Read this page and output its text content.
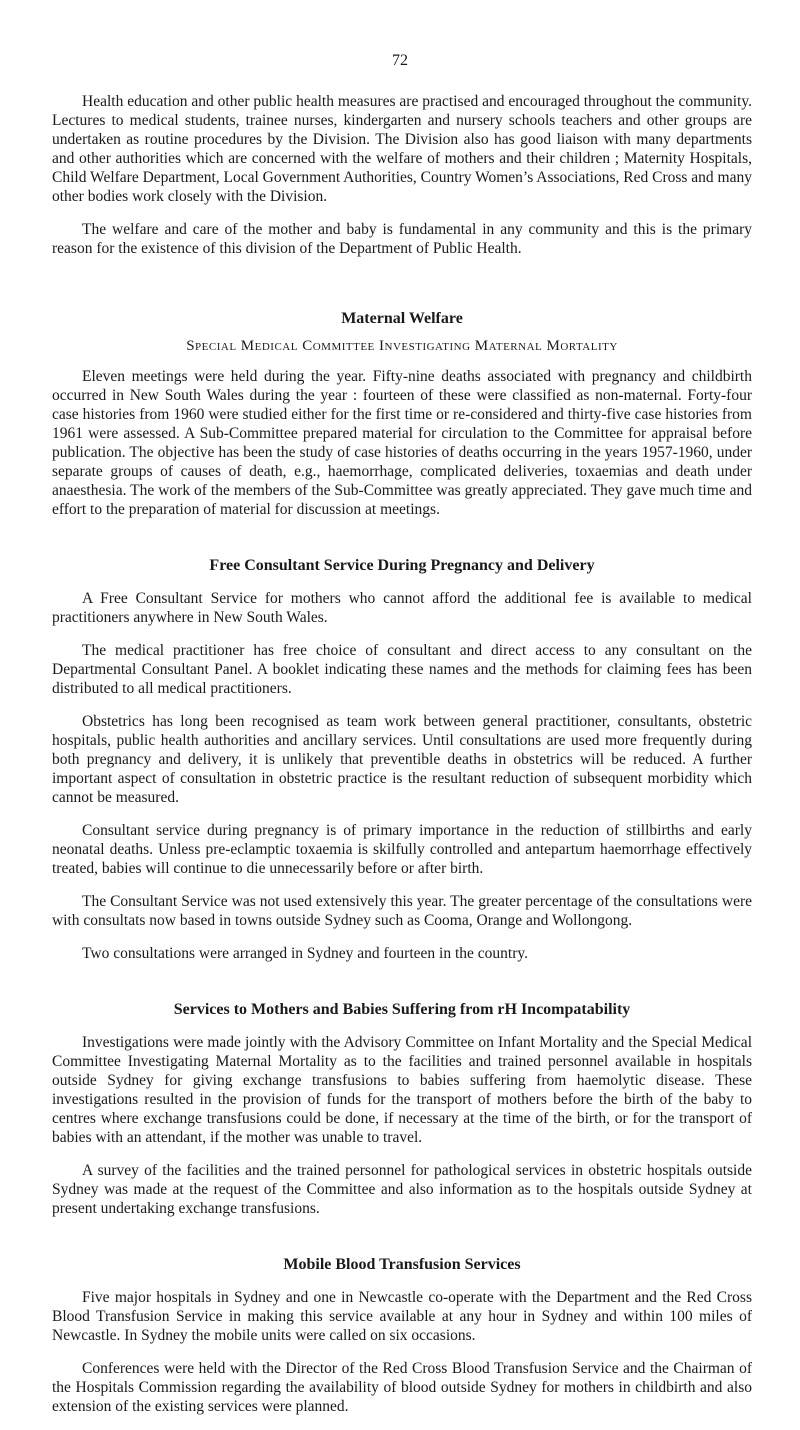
72

Health education and other public health measures are practised and encouraged throughout the community. Lectures to medical students, trainee nurses, kindergarten and nursery schools teachers and other groups are undertaken as routine procedures by the Division. The Division also has good liaison with many departments and other authorities which are concerned with the welfare of mothers and their children ; Maternity Hospitals, Child Welfare Department, Local Government Authorities, Country Women’s Associations, Red Cross and many other bodies work closely with the Division.

The welfare and care of the mother and baby is fundamental in any community and this is the primary reason for the existence of this division of the Department of Public Health.

Maternal Welfare
Special Medical Committee Investigating Maternal Mortality

Eleven meetings were held during the year. Fifty-nine deaths associated with pregnancy and childbirth occurred in New South Wales during the year : fourteen of these were classified as non-maternal. Forty-four case histories from 1960 were studied either for the first time or re-considered and thirty-five case histories from 1961 were assessed. A Sub-Committee prepared material for circulation to the Committee for appraisal before publication. The objective has been the study of case histories of deaths occurring in the years 1957-1960, under separate groups of causes of death, e.g., haemorrhage, complicated deliveries, toxaemias and death under anaesthesia. The work of the members of the Sub-Committee was greatly appreciated. They gave much time and effort to the preparation of material for discussion at meetings.

Free Consultant Service During Pregnancy and Delivery

A Free Consultant Service for mothers who cannot afford the additional fee is available to medical practitioners anywhere in New South Wales.

The medical practitioner has free choice of consultant and direct access to any consultant on the Departmental Consultant Panel. A booklet indicating these names and the methods for claiming fees has been distributed to all medical practitioners.

Obstetrics has long been recognised as team work between general practitioner, consultants, obstetric hospitals, public health authorities and ancillary services. Until consultations are used more frequently during both pregnancy and delivery, it is unlikely that preventible deaths in obstetrics will be reduced. A further important aspect of consultation in obstetric practice is the resultant reduction of subsequent morbidity which cannot be measured.

Consultant service during pregnancy is of primary importance in the reduction of stillbirths and early neonatal deaths. Unless pre-eclamptic toxaemia is skilfully controlled and antepartum haemorrhage effectively treated, babies will continue to die unnecessarily before or after birth.

The Consultant Service was not used extensively this year. The greater percentage of the consultations were with consultats now based in towns outside Sydney such as Cooma, Orange and Wollongong.

Two consultations were arranged in Sydney and fourteen in the country.

Services to Mothers and Babies Suffering from rH Incompatability

Investigations were made jointly with the Advisory Committee on Infant Mortality and the Special Medical Committee Investigating Maternal Mortality as to the facilities and trained personnel available in hospitals outside Sydney for giving exchange transfusions to babies suffering from haemolytic disease. These investigations resulted in the provision of funds for the transport of mothers before the birth of the baby to centres where exchange transfusions could be done, if necessary at the time of the birth, or for the transport of babies with an attendant, if the mother was unable to travel.

A survey of the facilities and the trained personnel for pathological services in obstetric hospitals outside Sydney was made at the request of the Committee and also information as to the hospitals outside Sydney at present undertaking exchange transfusions.

Mobile Blood Transfusion Services

Five major hospitals in Sydney and one in Newcastle co-operate with the Department and the Red Cross Blood Transfusion Service in making this service available at any hour in Sydney and within 100 miles of Newcastle. In Sydney the mobile units were called on six occasions.

Conferences were held with the Director of the Red Cross Blood Transfusion Service and the Chairman of the Hospitals Commission regarding the availability of blood outside Sydney for mothers in childbirth and also extension of the existing services were planned.
